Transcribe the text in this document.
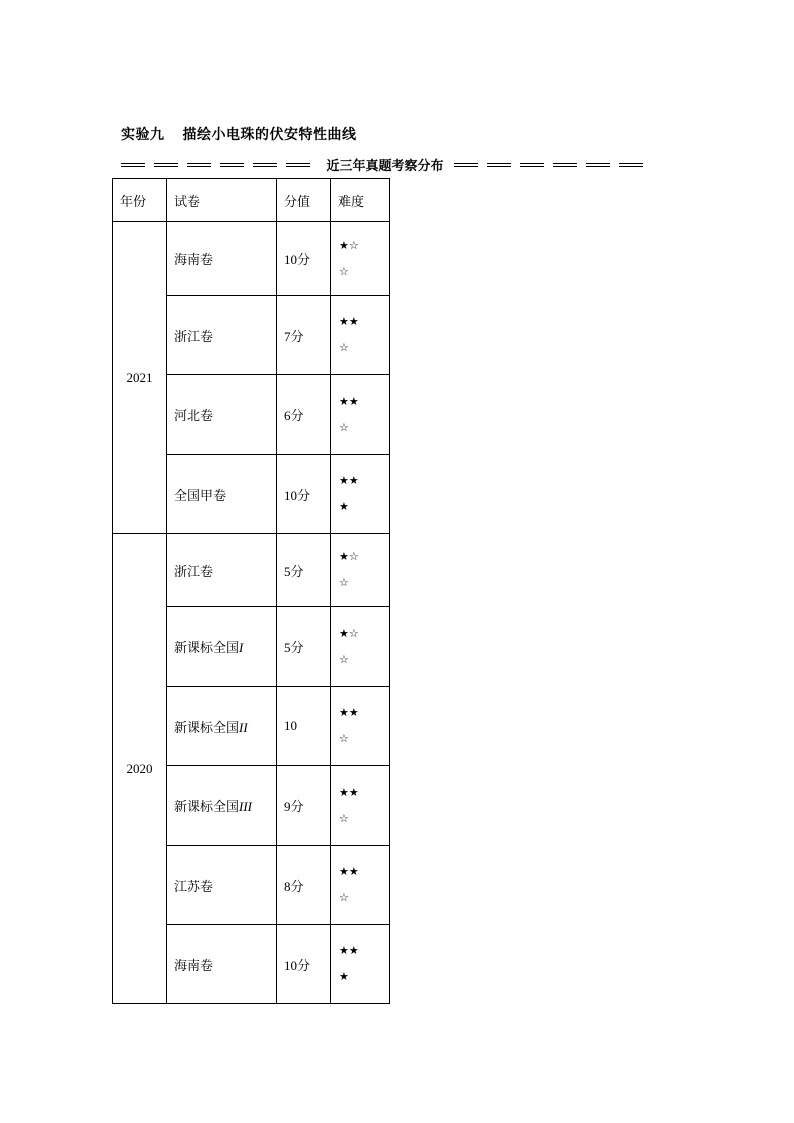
实验九 描绘小电珠的伏安特性曲线
近三年真题考察分布
年份	试卷	分值	难度
2021	海南卷	10分	★☆
☆
	浙江卷	7分	★★
☆
	河北卷	6分	★★
☆
	全国甲卷	10分	★★
★
2020	浙江卷	5分	★☆
☆
	新课标全国I	5分	★☆
☆
	新课标全国II	10	★★
☆
	新课标全国III	9分	★★
☆
	江苏卷	8分	★★
☆
	海南卷	10分	★★
★
